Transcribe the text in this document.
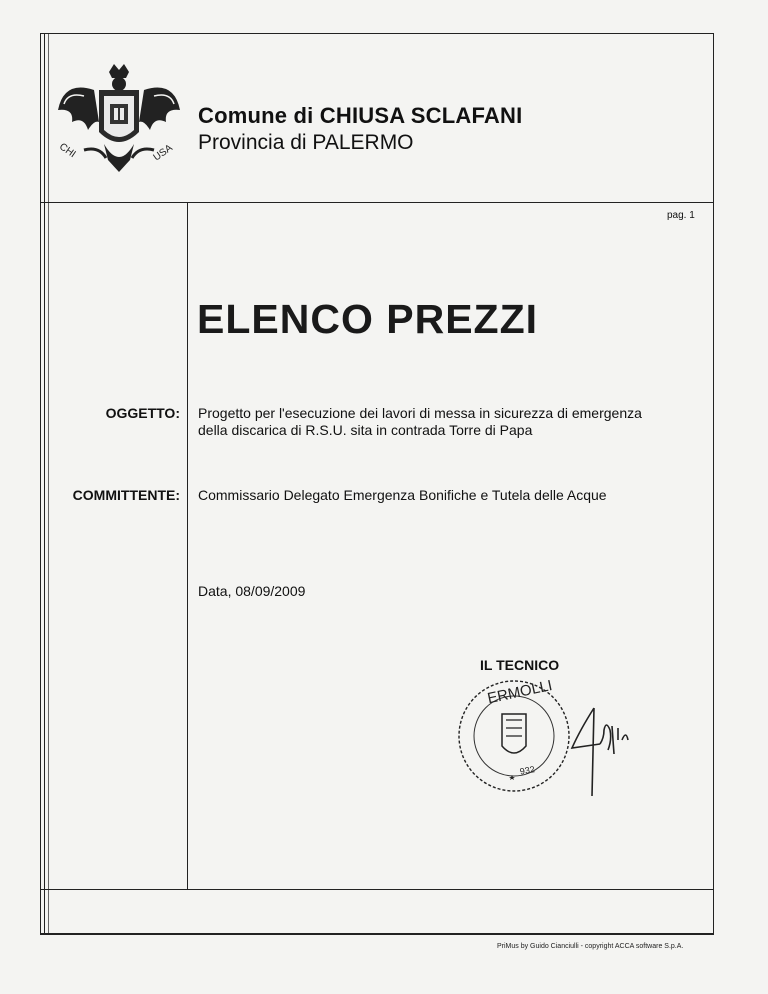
CHI	USA
Comune di CHIUSA SCLAFANI
Provincia di PALERMO
pag. 1
ELENCO PREZZI
OGGETTO: Progetto per l'esecuzione dei lavori di messa in sicurezza di emergenza
della discarica di R.S.U. sita in contrada Torre di Papa
COMMITTENTE: Commissario Delegato Emergenza Bonifiche e Tutela delle Acque
Data, 08/09/2009
IL TECNICO
ERMOLLI
932
PriMus by Guido Cianciulli - copyright ACCA software S.p.A.
